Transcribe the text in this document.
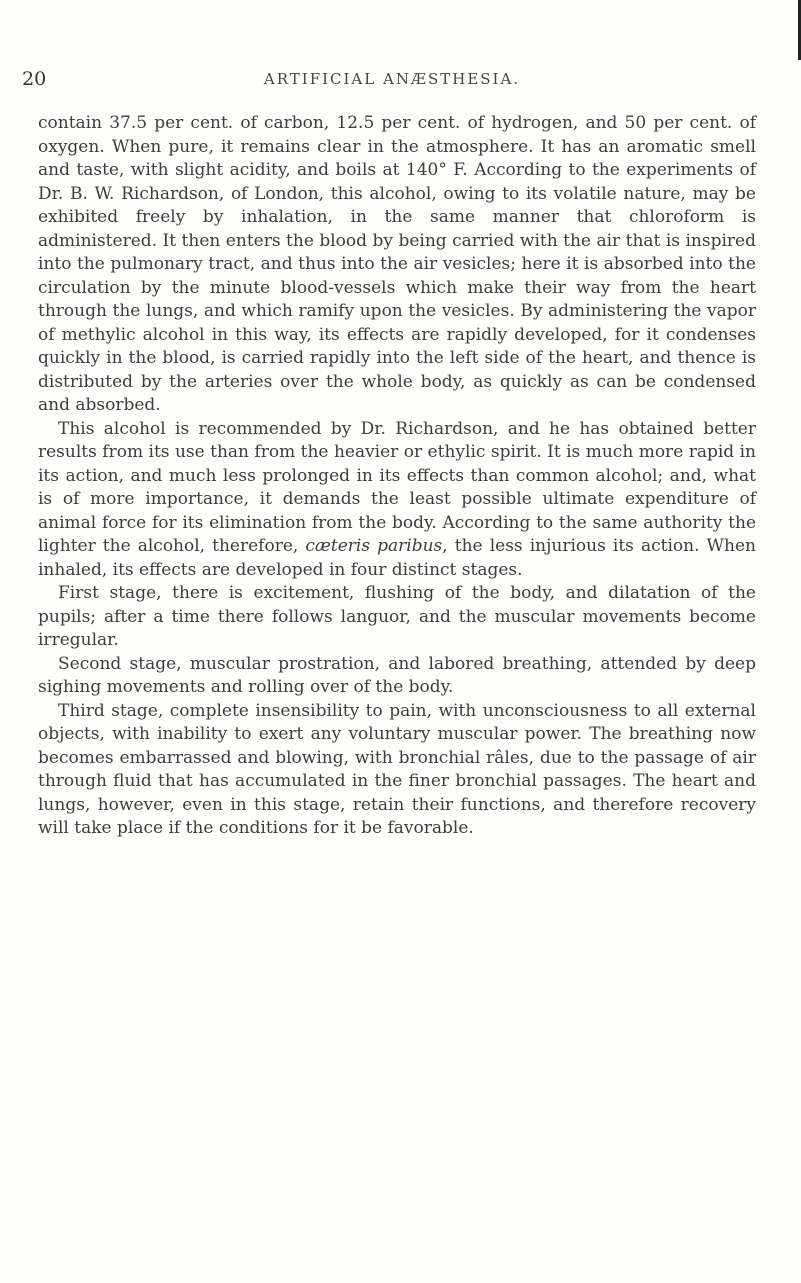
20	ARTIFICIAL ANÆSTHESIA.

contain 37.5 per cent. of carbon, 12.5 per cent. of hydrogen, and 50 per cent. of oxygen. When pure, it remains clear in the atmosphere. It has an aromatic smell and taste, with slight acidity, and boils at 140° F. According to the experiments of Dr. B. W. Richardson, of London, this alcohol, owing to its volatile nature, may be exhibited freely by inhalation, in the same manner that chloroform is administered. It then enters the blood by being carried with the air that is inspired into the pulmonary tract, and thus into the air vesicles; here it is absorbed into the circulation by the minute blood-vessels which make their way from the heart through the lungs, and which ramify upon the vesicles. By administering the vapor of methylic alcohol in this way, its effects are rapidly developed, for it condenses quickly in the blood, is carried rapidly into the left side of the heart, and thence is distributed by the arteries over the whole body, as quickly as can be condensed and absorbed.

This alcohol is recommended by Dr. Richardson, and he has obtained better results from its use than from the heavier or ethylic spirit. It is much more rapid in its action, and much less prolonged in its effects than common alcohol; and, what is of more importance, it demands the least possible ultimate expenditure of animal force for its elimination from the body. According to the same authority the lighter the alcohol, therefore, cæteris paribus, the less injurious its action. When inhaled, its effects are developed in four distinct stages.

First stage, there is excitement, flushing of the body, and dilatation of the pupils; after a time there follows languor, and the muscular movements become irregular.

Second stage, muscular prostration, and labored breathing, attended by deep sighing movements and rolling over of the body.

Third stage, complete insensibility to pain, with unconsciousness to all external objects, with inability to exert any voluntary muscular power. The breathing now becomes embarrassed and blowing, with bronchial râles, due to the passage of air through fluid that has accumulated in the finer bronchial passages. The heart and lungs, however, even in this stage, retain their functions, and therefore recovery will take place if the conditions for it be favorable.
